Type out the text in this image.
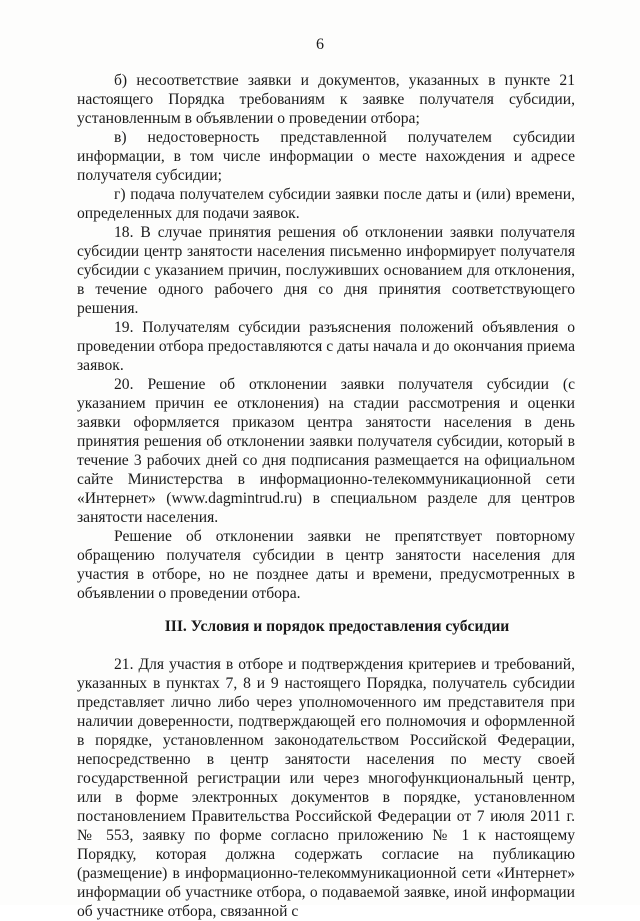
6

б) несоответствие заявки и документов, указанных в пункте 21 настоящего Порядка требованиям к заявке получателя субсидии, установленным в объявлении о проведении отбора;

в) недостоверность представленной получателем субсидии информации, в том числе информации о месте нахождения и адресе получателя субсидии;

г) подача получателем субсидии заявки после даты и (или) времени, определенных для подачи заявок.

18. В случае принятия решения об отклонении заявки получателя субсидии центр занятости населения письменно информирует получателя субсидии с указанием причин, послуживших основанием для отклонения, в течение одного рабочего дня со дня принятия соответствующего решения.

19. Получателям субсидии разъяснения положений объявления о проведении отбора предоставляются с даты начала и до окончания приема заявок.

20. Решение об отклонении заявки получателя субсидии (с указанием причин ее отклонения) на стадии рассмотрения и оценки заявки оформляется приказом центра занятости населения в день принятия решения об отклонении заявки получателя субсидии, который в течение 3 рабочих дней со дня подписания размещается на официальном сайте Министерства в информационно-телекоммуникационной сети «Интернет» (www.dagmintrud.ru) в специальном разделе для центров занятости населения.

Решение об отклонении заявки не препятствует повторному обращению получателя субсидии в центр занятости населения для участия в отборе, но не позднее даты и времени, предусмотренных в объявлении о проведении отбора.

III. Условия и порядок предоставления субсидии

21. Для участия в отборе и подтверждения критериев и требований, указанных в пунктах 7, 8 и 9 настоящего Порядка, получатель субсидии представляет лично либо через уполномоченного им представителя при наличии доверенности, подтверждающей его полномочия и оформленной в порядке, установленном законодательством Российской Федерации, непосредственно в центр занятости населения по месту своей государственной регистрации или через многофункциональный центр, или в форме электронных документов в порядке, установленном постановлением Правительства Российской Федерации от 7 июля 2011 г. № 553, заявку по форме согласно приложению № 1 к настоящему Порядку, которая должна содержать согласие на публикацию (размещение) в информационно-телекоммуникационной сети «Интернет» информации об участнике отбора, о подаваемой заявке, иной информации об участнике отбора, связанной с
